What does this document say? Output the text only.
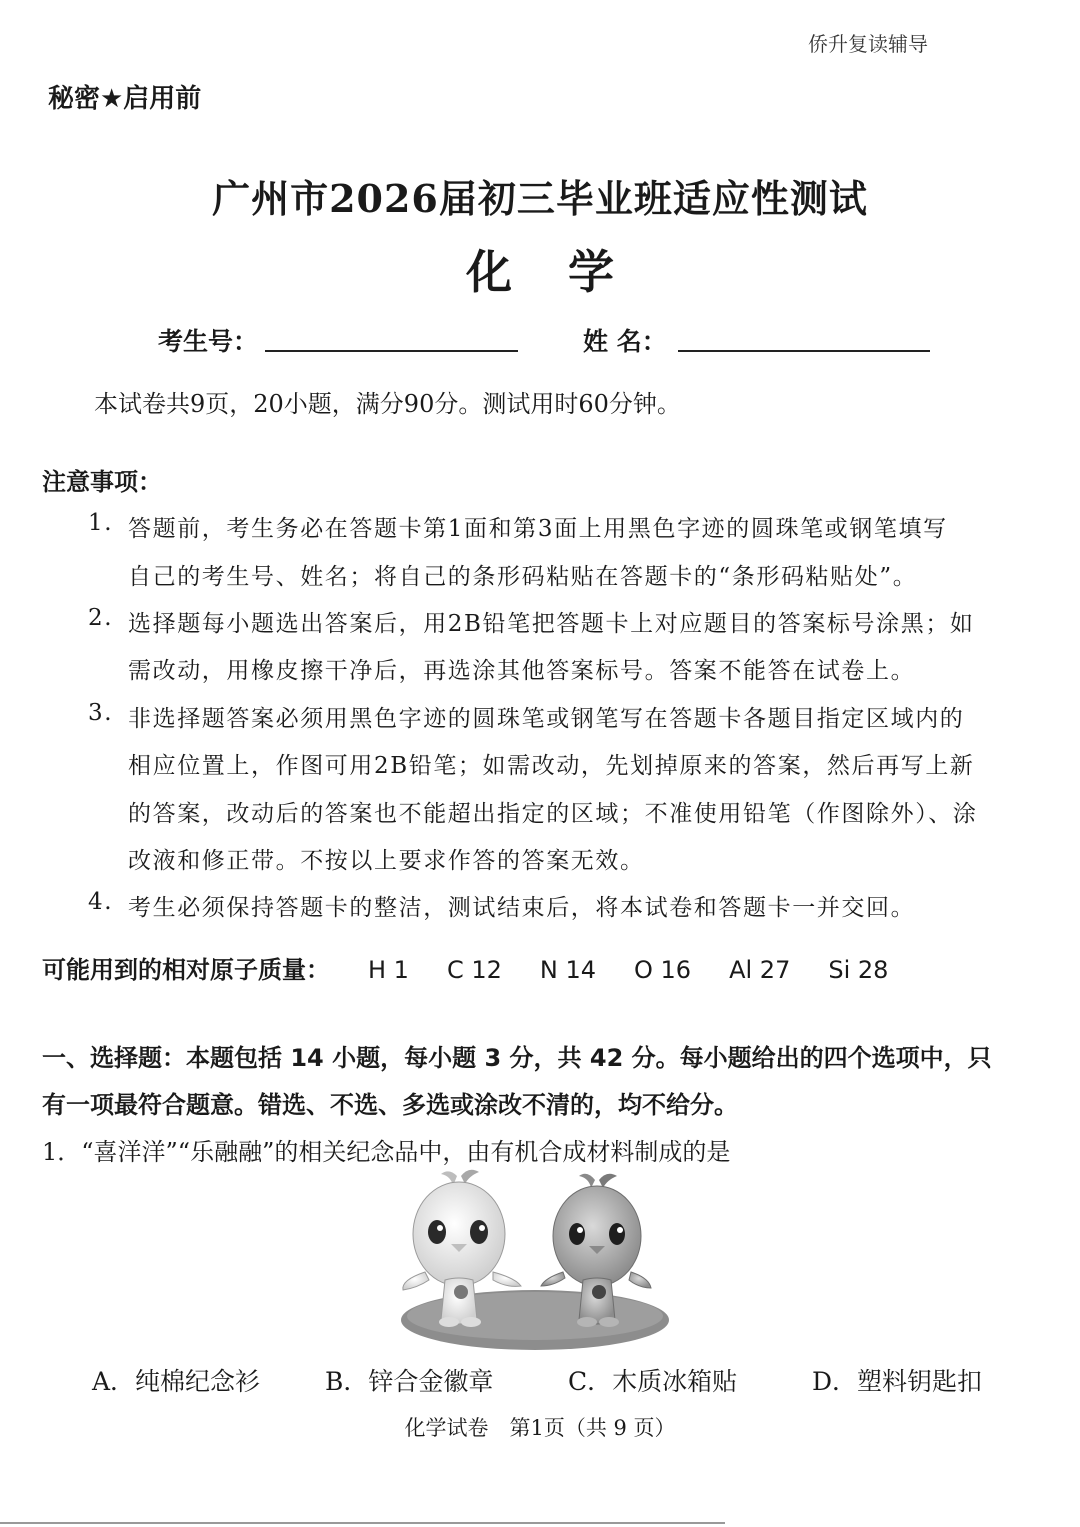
侨升复读辅导
秘密★启用前
广州市2026届初三毕业班适应性测试
化学
考生号：	姓 名：
本试卷共9页，20小题，满分90分。测试用时60分钟。
注意事项：
1. 答题前，考生务必在答题卡第1面和第3面上用黑色字迹的圆珠笔或钢笔填写
自己的考生号、姓名；将自己的条形码粘贴在答题卡的“条形码粘贴处”。
2. 选择题每小题选出答案后，用2B铅笔把答题卡上对应题目的答案标号涂黑；如
需改动，用橡皮擦干净后，再选涂其他答案标号。答案不能答在试卷上。
3. 非选择题答案必须用黑色字迹的圆珠笔或钢笔写在答题卡各题目指定区域内的
相应位置上，作图可用2B铅笔；如需改动，先划掉原来的答案，然后再写上新
的答案，改动后的答案也不能超出指定的区域；不准使用铅笔（作图除外）、涂
改液和修正带。不按以上要求作答的答案无效。
4. 考生必须保持答题卡的整洁，测试结束后，将本试卷和答题卡一并交回。
可能用到的相对原子质量： H 1 C 12 N 14 O 16 Al 27 Si 28
一、选择题：本题包括 14 小题，每小题 3 分，共 42 分。每小题给出的四个选项中，只
有一项最符合题意。错选、不选、多选或涂改不清的，均不给分。
1．“喜洋洋”“乐融融”的相关纪念品中，由有机合成材料制成的是
A．纯棉纪念衫	B．锌合金徽章	C．木质冰箱贴	D．塑料钥匙扣
化学试卷　第1页（共 9 页）
